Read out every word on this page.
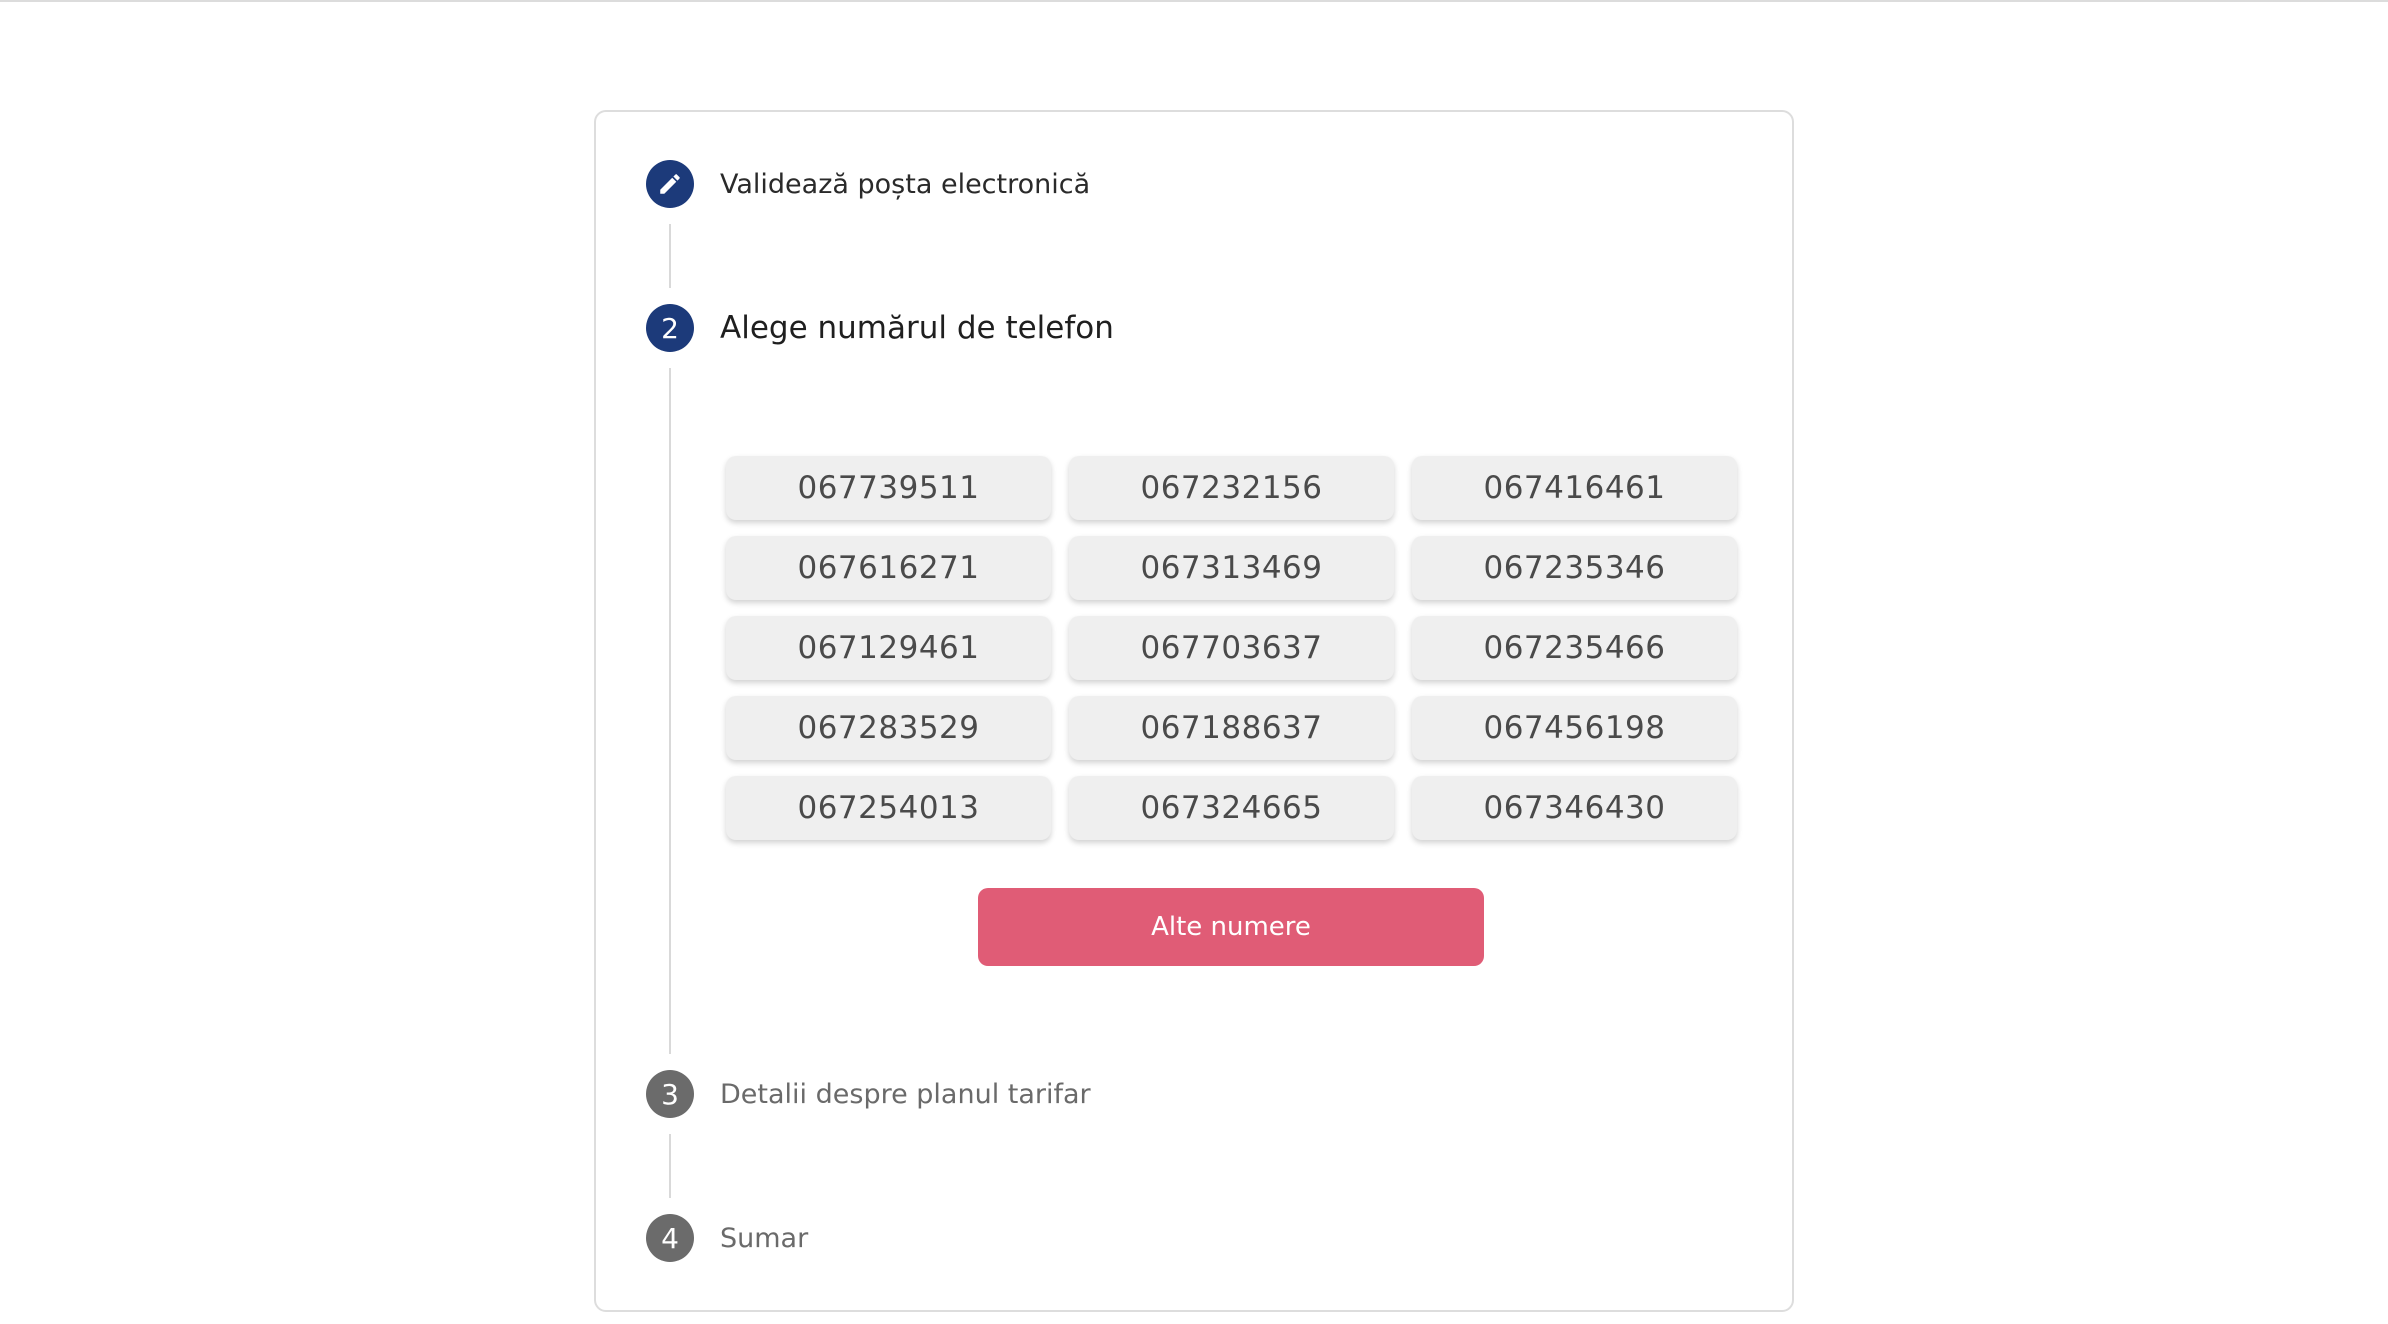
Validează poșta electronică
2 Alege numărul de telefon
067739511	067232156	067416461
067616271	067313469	067235346
067129461	067703637	067235466
067283529	067188637	067456198
067254013	067324665	067346430
Alte numere
3 Detalii despre planul tarifar
4 Sumar
